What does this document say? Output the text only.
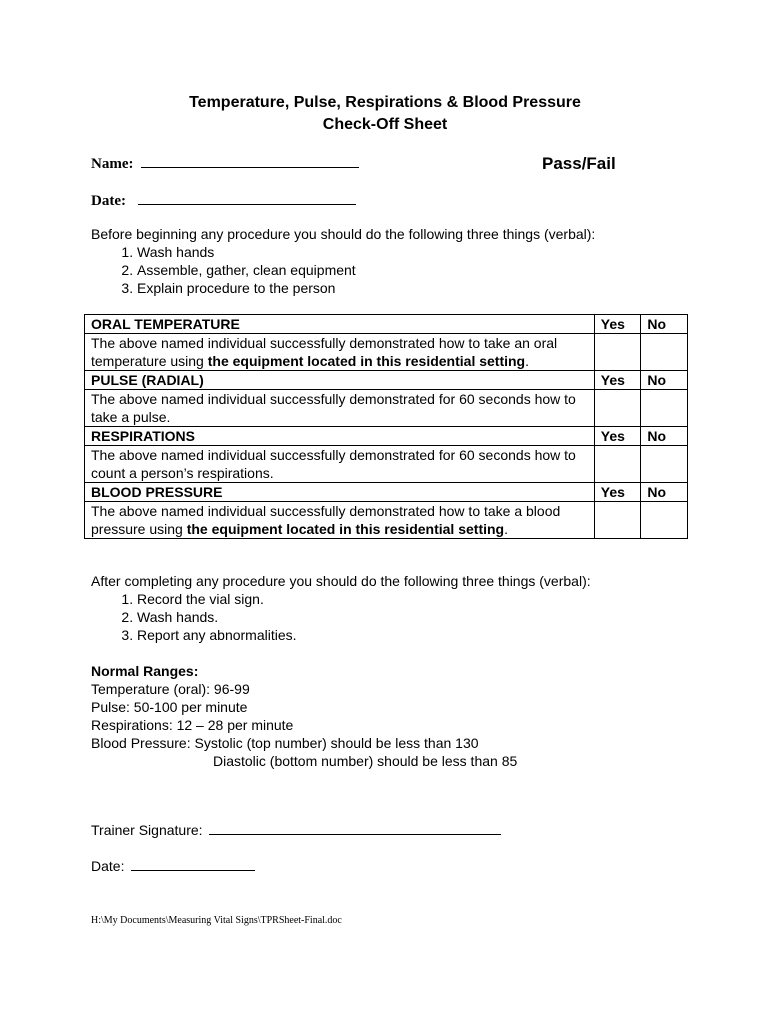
Temperature, Pulse, Respirations & Blood Pressure
Check-Off Sheet
Name:	Pass/Fail
Date:
Before beginning any procedure you should do the following three things (verbal):
1. Wash hands
2. Assemble, gather, clean equipment
3. Explain procedure to the person
ORAL TEMPERATURE	Yes	No
The above named individual successfully demonstrated how to take an oral temperature using the equipment located in this residential setting.		
PULSE (RADIAL)	Yes	No
The above named individual successfully demonstrated for 60 seconds how to take a pulse.		
RESPIRATIONS	Yes	No
The above named individual successfully demonstrated for 60 seconds how to count a person’s respirations.		
BLOOD PRESSURE	Yes	No
The above named individual successfully demonstrated how to take a blood pressure using the equipment located in this residential setting.		
After completing any procedure you should do the following three things (verbal):
1. Record the vial sign.
2. Wash hands.
3. Report any abnormalities.
Normal Ranges:
Temperature (oral): 96-99
Pulse: 50-100 per minute
Respirations: 12 – 28 per minute
Blood Pressure: Systolic (top number) should be less than 130
Diastolic (bottom number) should be less than 85
Trainer Signature:
Date:
H:\My Documents\Measuring Vital Signs\TPRSheet-Final.doc
